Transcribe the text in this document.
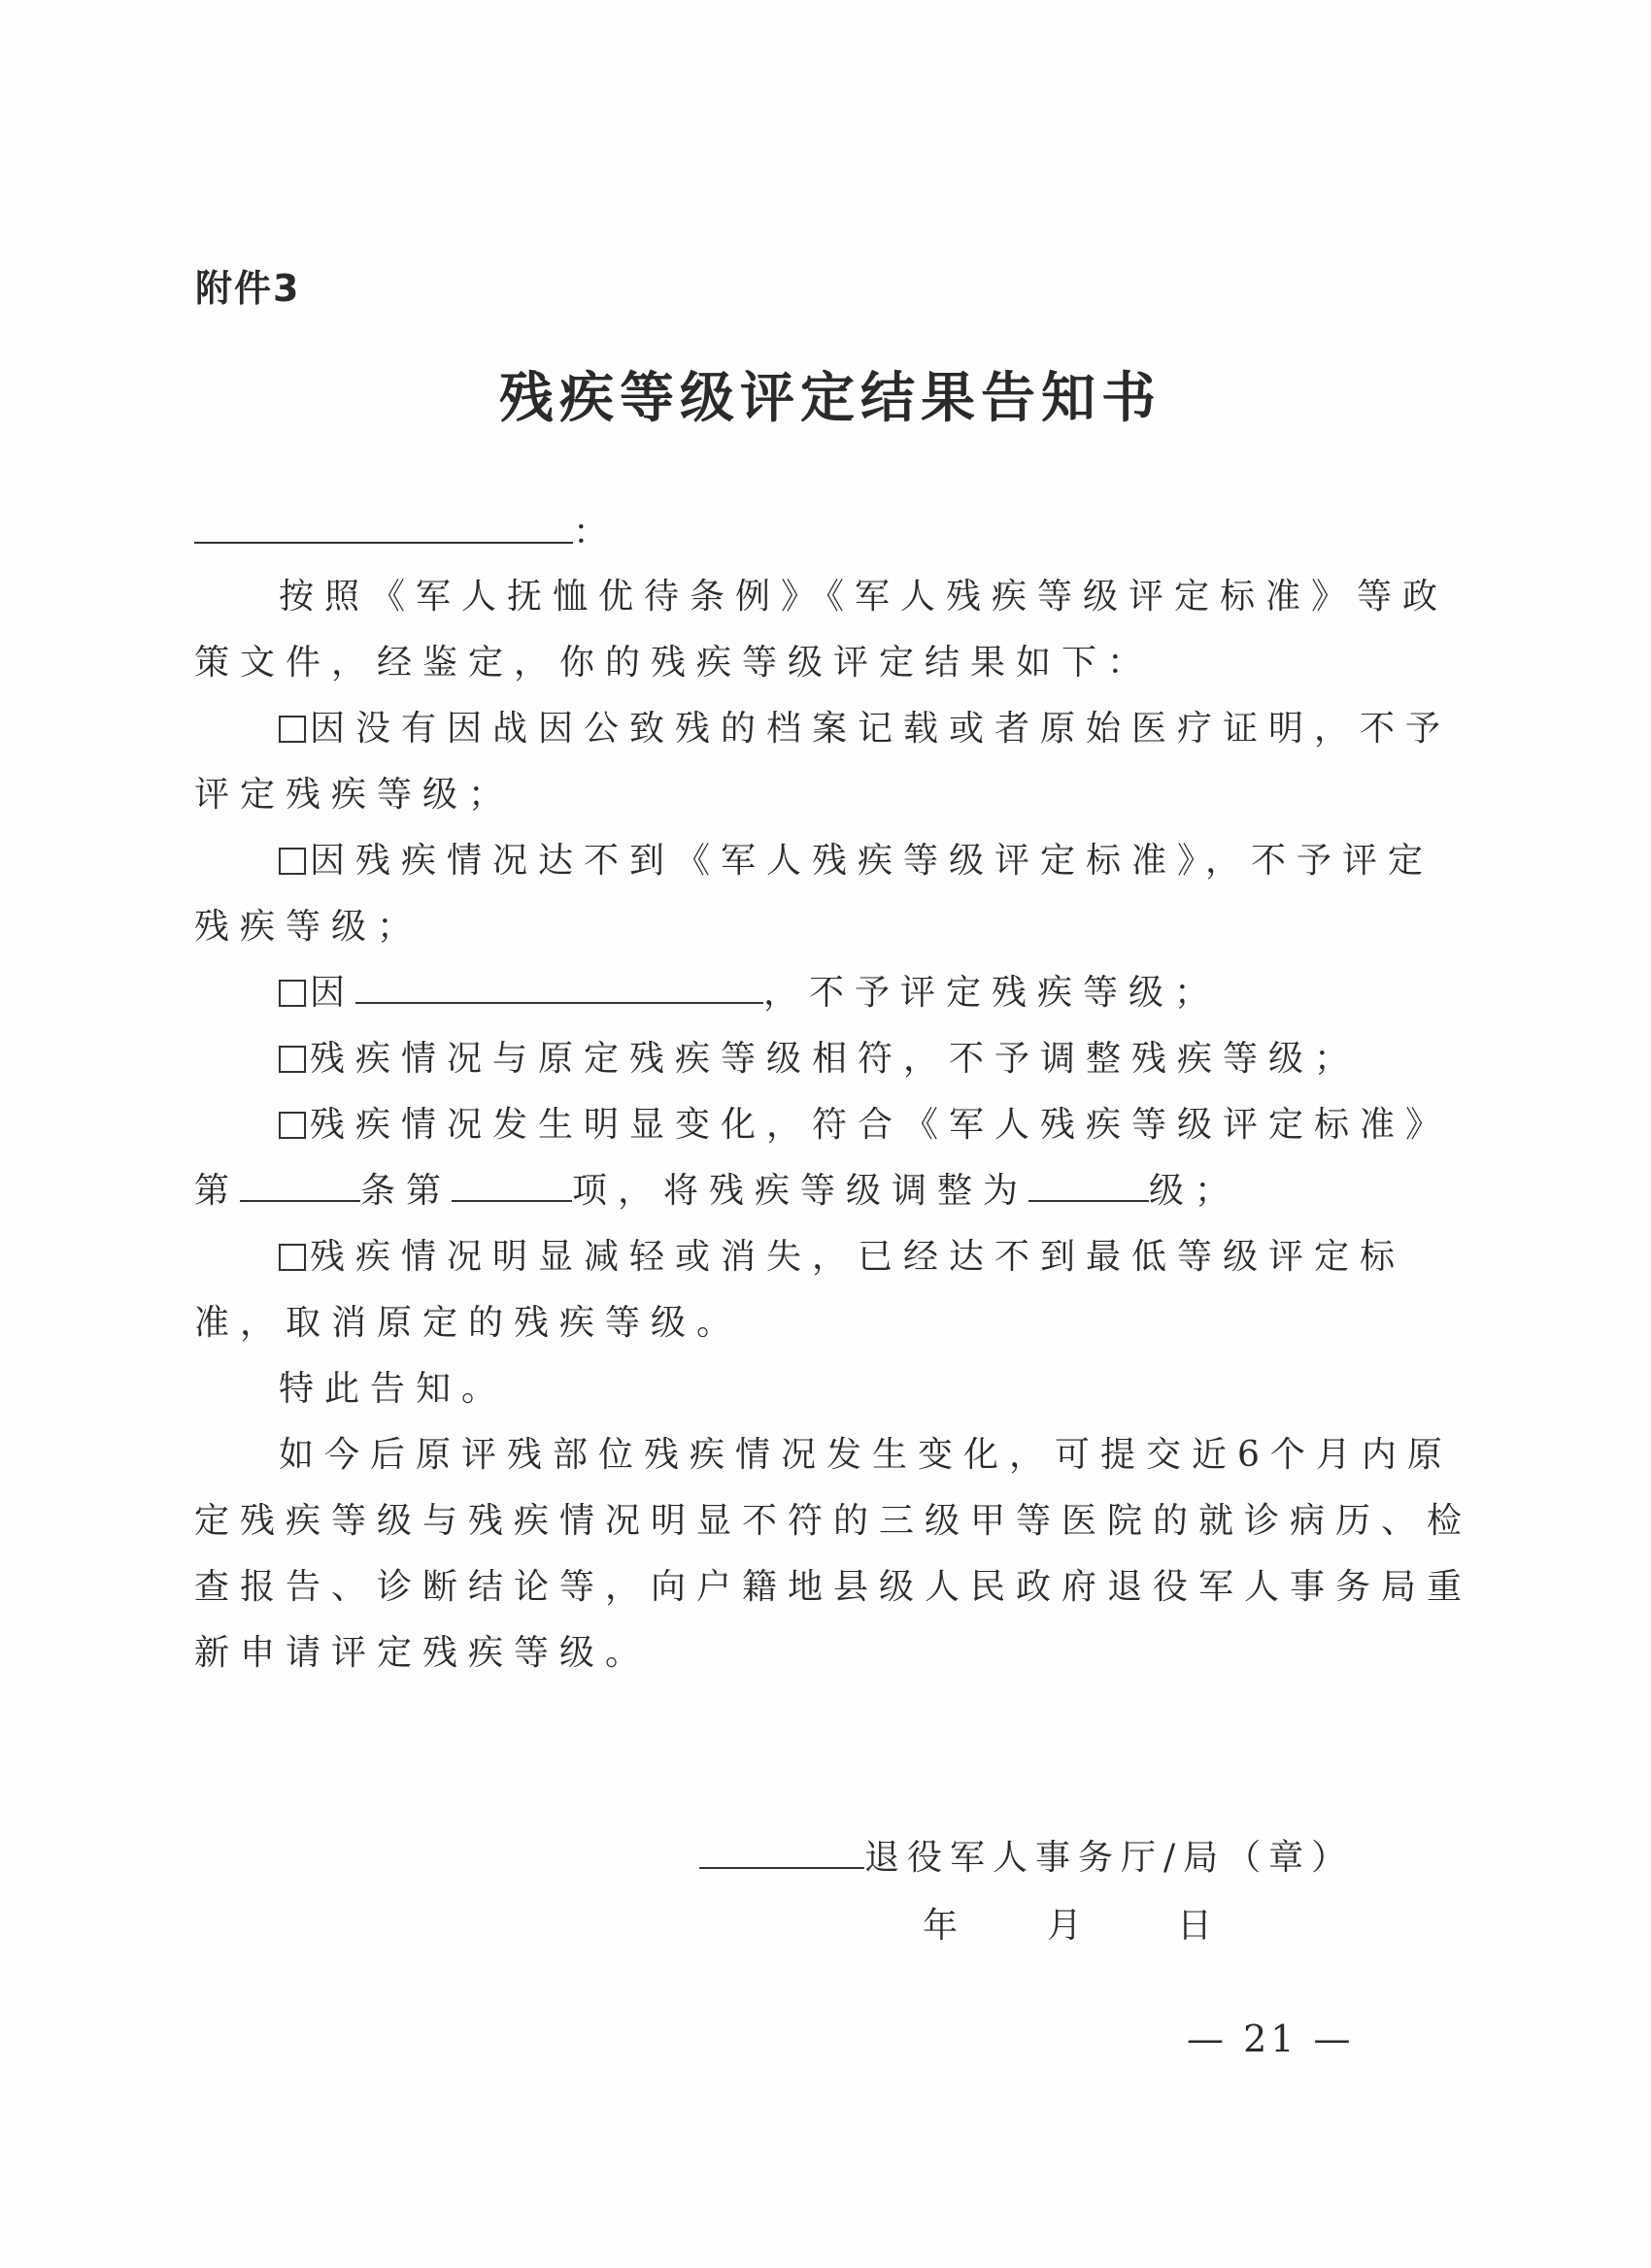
附件3
残疾等级评定结果告知书
：
按照《军人抚恤优待条例》《军人残疾等级评定标准》等政
策文件，经鉴定，你的残疾等级评定结果如下：
因没有因战因公致残的档案记载或者原始医疗证明，不予
评定残疾等级；
因残疾情况达不到《军人残疾等级评定标准》，不予评定
残疾等级；
因	，不予评定残疾等级；
残疾情况与原定残疾等级相符，不予调整残疾等级；
残疾情况发生明显变化，符合《军人残疾等级评定标准》
第	条第	项，将残疾等级调整为	级；
残疾情况明显减轻或消失，已经达不到最低等级评定标
准，取消原定的残疾等级。
特此告知。
如今后原评残部位残疾情况发生变化，可提交近6个月内原
定残疾等级与残疾情况明显不符的三级甲等医院的就诊病历、检
查报告、诊断结论等，向户籍地县级人民政府退役军人事务局重
新申请评定残疾等级。
退役军人事务厅/局（章）
年	月	日
— 21 —
